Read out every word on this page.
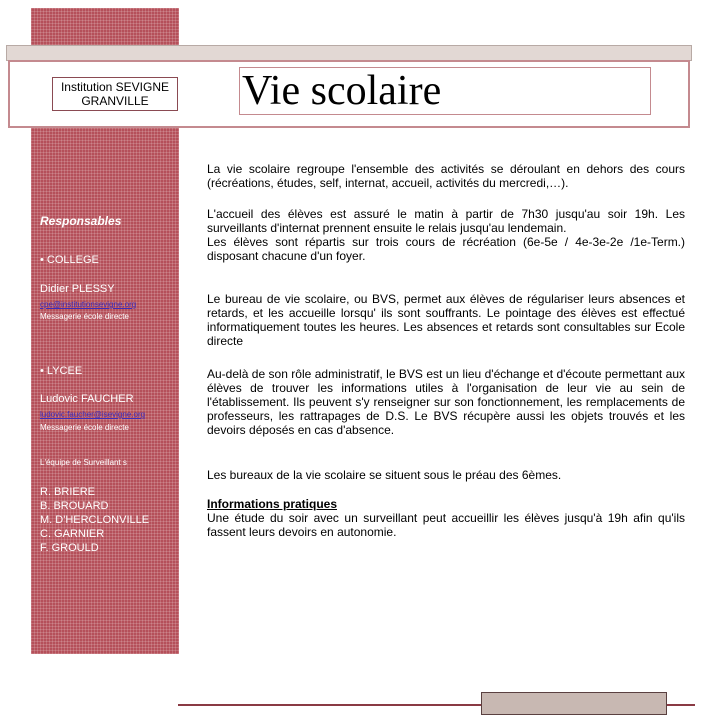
Responsables
• COLLEGE
Didier PLESSY
cpe@institutionsevigne.org
Messagerie école directe
• LYCEE
Ludovic FAUCHER
ludovic.faucher@isevigne.org
Messagerie école directe
L'équipe de Surveillant s
R. BRIERE
B. BROUARD
M. D'HERCLONVILLE
C. GARNIER
F. GROULD
Institution SEVIGNE
GRANVILLE	Vie scolaire

La vie scolaire regroupe l'ensemble des activités se déroulant en dehors des cours (récréations, études, self, internat, accueil, activités du mercredi,…).

L'accueil des élèves est assuré le matin à partir de 7h30 jusqu'au soir 19h. Les surveillants d'internat prennent ensuite le relais jusqu'au lendemain.

Les élèves sont répartis sur trois cours de récréation (6e-5e / 4e-3e-2e /1e-Term.) disposant chacune d'un foyer.

Le bureau de vie scolaire, ou BVS, permet aux élèves de régulariser leurs absences et retards, et les accueille lorsqu' ils sont souffrants. Le pointage des élèves est effectué informatiquement toutes les heures. Les absences et retards sont consultables sur Ecole directe

Au-delà de son rôle administratif, le BVS est un lieu d'échange et d'écoute permettant aux élèves de trouver les informations utiles à l'organisation de leur vie au sein de l'établissement. Ils peuvent s'y renseigner sur son fonctionnement, les remplacements de professeurs, les rattrapages de D.S. Le BVS récupère aussi les objets trouvés et les devoirs déposés en cas d'absence.

Les bureaux de la vie scolaire se situent sous le préau des 6èmes.

Informations pratiques

Une étude du soir avec un surveillant peut accueillir les élèves jusqu'à 19h afin qu'ils fassent leurs devoirs en autonomie.
